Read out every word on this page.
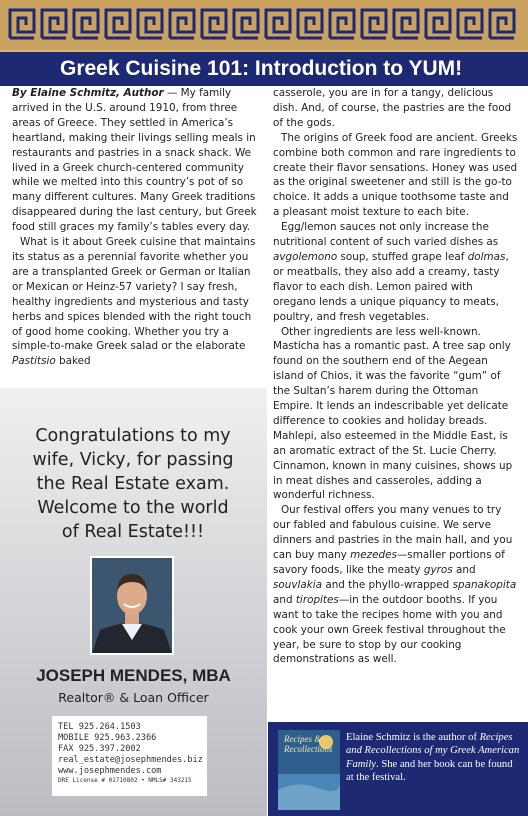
Greek Cuisine 101: Introduction to YUM!

By Elaine Schmitz, Author — My family arrived in the U.S. around 1910, from three areas of Greece. They settled in America’s heartland, making their livings selling meals in restaurants and pastries in a snack shack. We lived in a Greek church-centered community while we melted into this country’s pot of so many different cultures. Many Greek traditions disappeared during the last century, but Greek food still graces my family’s tables every day.

What is it about Greek cuisine that maintains its status as a perennial favorite whether you are a transplanted Greek or German or Italian or Mexican or Heinz-57 variety? I say fresh, healthy ingredients and mysterious and tasty herbs and spices blended with the right touch of good home cooking. Whether you try a simple-to-make Greek salad or the elaborate Pastitsio baked

casserole, you are in for a tangy, delicious dish. And, of course, the pastries are the food of the gods.

The origins of Greek food are ancient. Greeks combine both common and rare ingredients to create their flavor sensations. Honey was used as the original sweetener and still is the go-to choice. It adds a unique toothsome taste and a pleasant moist texture to each bite.

Egg/lemon sauces not only increase the nutritional content of such varied dishes as avgolemono soup, stuffed grape leaf dolmas, or meatballs, they also add a creamy, tasty flavor to each dish. Lemon paired with oregano lends a unique piquancy to meats, poultry, and fresh vegetables.

Other ingredients are less well-known. Masticha has a romantic past. A tree sap only found on the southern end of the Aegean island of Chios, it was the favorite “gum” of the Sultan’s harem during the Ottoman Empire. It lends an indescribable yet delicate difference to cookies and holiday breads. Mahlepi, also esteemed in the Middle East, is an aromatic extract of the St. Lucie Cherry. Cinnamon, known in many cuisines, shows up in meat dishes and casseroles, adding a wonderful richness.

Our festival offers you many venues to try our fabled and fabulous cuisine. We serve dinners and pastries in the main hall, and you can buy many mezedes—smaller portions of savory foods, like the meaty gyros and souvlakia and the phyllo-wrapped spanakopita and tiropites—in the outdoor booths. If you want to take the recipes home with you and cook your own Greek festival throughout the year, be sure to stop by our cooking demonstrations as well.

Congratulations to my
wife, Vicky, for passing
the Real Estate exam.
Welcome to the world
of Real Estate!!!
JOSEPH MENDES, MBA
Realtor® & Loan Officer
TEL 925.264.1503
MOBILE 925.963.2366
FAX 925.397.2002
real_estate@josephmendes.biz
www.josephmendes.com
DRE License # 01710802 • NMLS# 343215
Recipes & Recollections
Elaine Schmitz is the author of Recipes and Recollections of my Greek American Family. She and her book can be found at the festival.
